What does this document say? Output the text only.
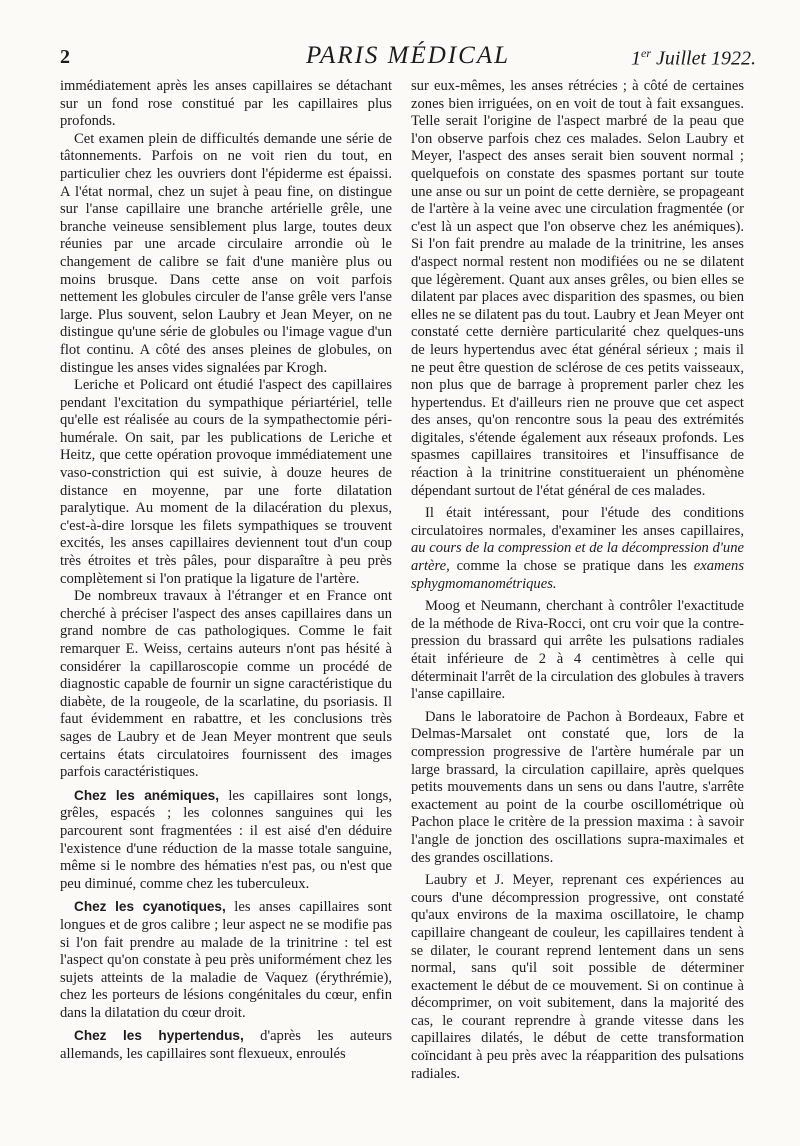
2	PARIS MÉDICAL	1er Juillet 1922.

immédiatement après les anses capillaires se détachant sur un fond rose constitué par les capillaires plus profonds.

Cet examen plein de difficultés demande une série de tâtonnements. Parfois on ne voit rien du tout, en particulier chez les ouvriers dont l'épiderme est épaissi. A l'état normal, chez un sujet à peau fine, on distingue sur l'anse capillaire une branche artérielle grêle, une branche veineuse sensiblement plus large, toutes deux réunies par une arcade circulaire arrondie où le changement de calibre se fait d'une manière plus ou moins brusque. Dans cette anse on voit parfois nettement les globules circuler de l'anse grêle vers l'anse large. Plus souvent, selon Laubry et Jean Meyer, on ne distingue qu'une série de globules ou l'image vague d'un flot continu. A côté des anses pleines de globules, on distingue les anses vides signalées par Krogh.

Leriche et Policard ont étudié l'aspect des capillaires pendant l'excitation du sympathique périartériel, telle qu'elle est réalisée au cours de la sympathectomie péri-humérale. On sait, par les publications de Leriche et Heitz, que cette opération provoque immédiatement une vaso-constriction qui est suivie, à douze heures de distance en moyenne, par une forte dilatation paralytique. Au moment de la dilacération du plexus, c'est-à-dire lorsque les filets sympathiques se trouvent excités, les anses capillaires deviennent tout d'un coup très étroites et très pâles, pour disparaître à peu près complètement si l'on pratique la ligature de l'artère.

De nombreux travaux à l'étranger et en France ont cherché à préciser l'aspect des anses capillaires dans un grand nombre de cas pathologiques. Comme le fait remarquer E. Weiss, certains auteurs n'ont pas hésité à considérer la capillaroscopie comme un procédé de diagnostic capable de fournir un signe caractéristique du diabète, de la rougeole, de la scarlatine, du psoriasis. Il faut évidemment en rabattre, et les conclusions très sages de Laubry et de Jean Meyer montrent que seuls certains états circulatoires fournissent des images parfois caractéristiques.

Chez les anémiques, les capillaires sont longs, grêles, espacés ; les colonnes sanguines qui les parcourent sont fragmentées : il est aisé d'en déduire l'existence d'une réduction de la masse totale sanguine, même si le nombre des hématies n'est pas, ou n'est que peu diminué, comme chez les tuberculeux.

Chez les cyanotiques, les anses capillaires sont longues et de gros calibre ; leur aspect ne se modifie pas si l'on fait prendre au malade de la trinitrine : tel est l'aspect qu'on constate à peu près uniformément chez les sujets atteints de la maladie de Vaquez (érythrémie), chez les porteurs de lésions congénitales du cœur, enfin dans la dilatation du cœur droit.

Chez les hypertendus, d'après les auteurs allemands, les capillaires sont flexueux, enroulés

sur eux-mêmes, les anses rétrécies ; à côté de certaines zones bien irriguées, on en voit de tout à fait exsangues. Telle serait l'origine de l'aspect marbré de la peau que l'on observe parfois chez ces malades. Selon Laubry et Meyer, l'aspect des anses serait bien souvent normal ; quelquefois on constate des spasmes portant sur toute une anse ou sur un point de cette dernière, se propageant de l'artère à la veine avec une circulation fragmentée (or c'est là un aspect que l'on observe chez les anémiques). Si l'on fait prendre au malade de la trinitrine, les anses d'aspect normal restent non modifiées ou ne se dilatent que légèrement. Quant aux anses grêles, ou bien elles se dilatent par places avec disparition des spasmes, ou bien elles ne se dilatent pas du tout. Laubry et Jean Meyer ont constaté cette dernière particularité chez quelques-uns de leurs hypertendus avec état général sérieux ; mais il ne peut être question de sclérose de ces petits vaisseaux, non plus que de barrage à proprement parler chez les hypertendus. Et d'ailleurs rien ne prouve que cet aspect des anses, qu'on rencontre sous la peau des extrémités digitales, s'étende également aux réseaux profonds. Les spasmes capillaires transitoires et l'insuffisance de réaction à la trinitrine constitueraient un phénomène dépendant surtout de l'état général de ces malades.

Il était intéressant, pour l'étude des conditions circulatoires normales, d'examiner les anses capillaires, au cours de la compression et de la décompression d'une artère, comme la chose se pratique dans les examens sphygmomanométriques.

Moog et Neumann, cherchant à contrôler l'exactitude de la méthode de Riva-Rocci, ont cru voir que la contre-pression du brassard qui arrête les pulsations radiales était inférieure de 2 à 4 centimètres à celle qui déterminait l'arrêt de la circulation des globules à travers l'anse capillaire.

Dans le laboratoire de Pachon à Bordeaux, Fabre et Delmas-Marsalet ont constaté que, lors de la compression progressive de l'artère humérale par un large brassard, la circulation capillaire, après quelques petits mouvements dans un sens ou dans l'autre, s'arrête exactement au point de la courbe oscillométrique où Pachon place le critère de la pression maxima : à savoir l'angle de jonction des oscillations supra-maximales et des grandes oscillations.

Laubry et J. Meyer, reprenant ces expériences au cours d'une décompression progressive, ont constaté qu'aux environs de la maxima oscillatoire, le champ capillaire changeant de couleur, les capillaires tendent à se dilater, le courant reprend lentement dans un sens normal, sans qu'il soit possible de déterminer exactement le début de ce mouvement. Si on continue à décomprimer, on voit subitement, dans la majorité des cas, le courant reprendre à grande vitesse dans les capillaires dilatés, le début de cette transformation coïncidant à peu près avec la réapparition des pulsations radiales.
